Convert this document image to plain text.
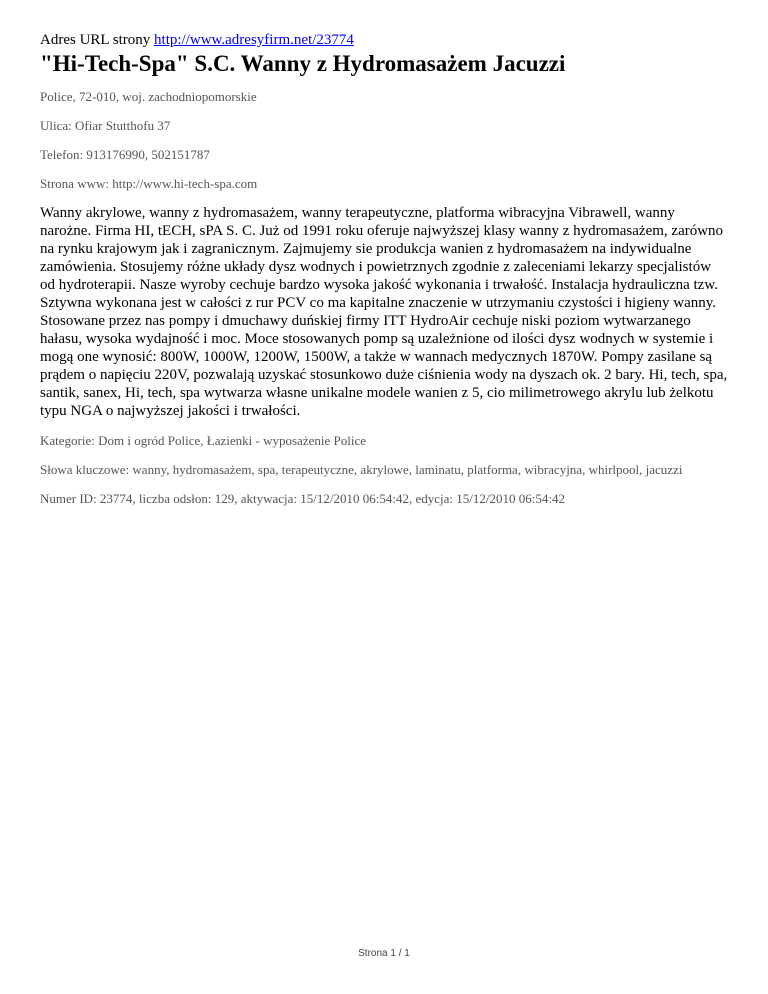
Adres URL strony http://www.adresyfirm.net/23774

"Hi-Tech-Spa" S.C. Wanny z Hydromasażem Jacuzzi

Police, 72-010, woj. zachodniopomorskie

Ulica: Ofiar Stutthofu 37

Telefon: 913176990, 502151787

Strona www: http://www.hi-tech-spa.com

Wanny akrylowe, wanny z hydromasażem, wanny terapeutyczne, platforma wibracyjna Vibrawell, wanny narożne. Firma HI, tECH, sPA S. C. Już od 1991 roku oferuje najwyższej klasy wanny z hydromasażem, zarówno na rynku krajowym jak i zagranicznym. Zajmujemy sie produkcja wanien z hydromasażem na indywidualne zamówienia. Stosujemy różne układy dysz wodnych i powietrznych zgodnie z zaleceniami lekarzy specjalistów od hydroterapii. Nasze wyroby cechuje bardzo wysoka jakość wykonania i trwałość. Instalacja hydrauliczna tzw. Sztywna wykonana jest w całości z rur PCV co ma kapitalne znaczenie w utrzymaniu czystości i higieny wanny. Stosowane przez nas pompy i dmuchawy duńskiej firmy ITT HydroAir cechuje niski poziom wytwarzanego hałasu, wysoka wydajność i moc. Moce stosowanych pomp są uzależnione od ilości dysz wodnych w systemie i mogą one wynosić: 800W, 1000W, 1200W, 1500W, a także w wannach medycznych 1870W. Pompy zasilane są prądem o napięciu 220V, pozwalają uzyskać stosunkowo duże ciśnienia wody na dyszach ok. 2 bary. Hi, tech, spa, santik, sanex, Hi, tech, spa wytwarza własne unikalne modele wanien z 5, cio milimetrowego akrylu lub żelkotu typu NGA o najwyższej jakości i trwałości.

Kategorie: Dom i ogród Police, Łazienki - wyposażenie Police

Słowa kluczowe: wanny, hydromasażem, spa, terapeutyczne, akrylowe, laminatu, platforma, wibracyjna, whirlpool, jacuzzi

Numer ID: 23774, liczba odsłon: 129, aktywacja: 15/12/2010 06:54:42, edycja: 15/12/2010 06:54:42

Strona 1 / 1
